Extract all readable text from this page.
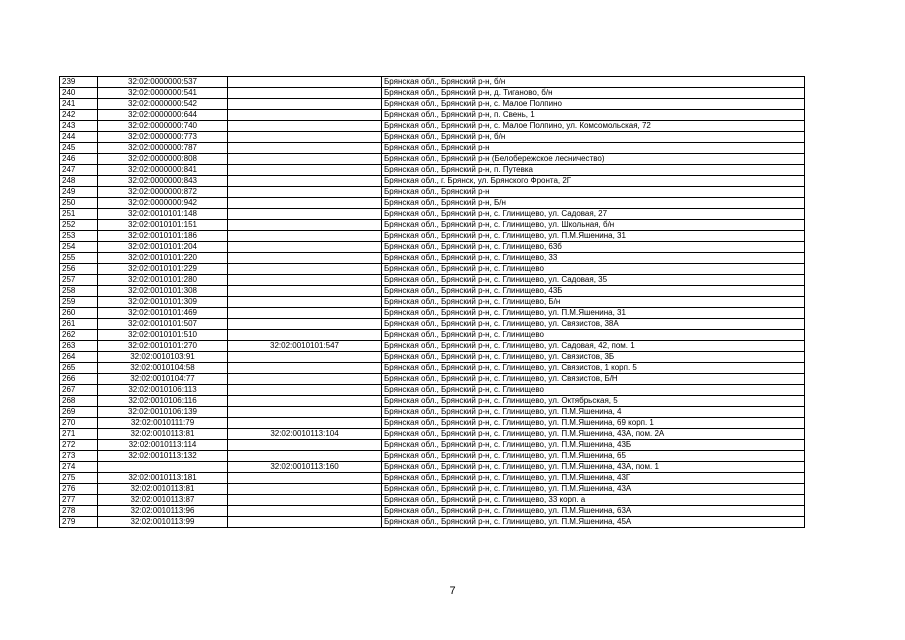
239	32:02:0000000:537		Брянская обл., Брянский р-н, б/н
240	32:02:0000000:541		Брянская обл., Брянский р-н, д. Тиганово, б/н
241	32:02:0000000:542		Брянская обл., Брянский р-н, с. Малое Полпино
242	32:02:0000000:644		Брянская обл., Брянский р-н, п. Свень, 1
243	32:02:0000000:740		Брянская обл., Брянский р-н, с. Малое Полпино, ул. Комсомольская, 72
244	32:02:0000000:773		Брянская обл., Брянский р-н, б/н
245	32:02:0000000:787		Брянская обл., Брянский р-н
246	32:02:0000000:808		Брянская обл., Брянский р-н (Белобережское лесничество)
247	32:02:0000000:841		Брянская обл., Брянский р-н, п. Путевка
248	32:02:0000000:843		Брянская обл., г. Брянск, ул. Брянского Фронта, 2Г
249	32:02:0000000:872		Брянская обл., Брянский р-н
250	32:02:0000000:942		Брянская обл., Брянский р-н, Б/н
251	32:02:0010101:148		Брянская обл., Брянский р-н, с. Глинищево, ул. Садовая, 27
252	32:02:0010101:151		Брянская обл., Брянский р-н, с. Глинищево, ул. Школьная, б/н
253	32:02:0010101:186		Брянская обл., Брянский р-н, с. Глинищево, ул. П.М.Яшенина, 31
254	32:02:0010101:204		Брянская обл., Брянский р-н, с. Глинищево, 63б
255	32:02:0010101:220		Брянская обл., Брянский р-н, с. Глинищево, 33
256	32:02:0010101:229		Брянская обл., Брянский р-н, с. Глинищево
257	32:02:0010101:280		Брянская обл., Брянский р-н, с. Глинищево, ул. Садовая, 35
258	32:02:0010101:308		Брянская обл., Брянский р-н, с. Глинищево, 43Б
259	32:02:0010101:309		Брянская обл., Брянский р-н, с. Глинищево, Б/н
260	32:02:0010101:469		Брянская обл., Брянский р-н, с. Глинищево, ул. П.М.Яшенина, 31
261	32:02:0010101:507		Брянская обл., Брянский р-н, с. Глинищево, ул. Связистов, 38А
262	32:02:0010101:510		Брянская обл., Брянский р-н, с. Глинищево
263	32:02:0010101:270	32:02:0010101:547	Брянская обл., Брянский р-н, с. Глинищево, ул. Садовая, 42, пом. 1
264	32:02:0010103:91		Брянская обл., Брянский р-н, с. Глинищево, ул. Связистов, 3Б
265	32:02:0010104:58		Брянская обл., Брянский р-н, с. Глинищево, ул. Связистов, 1 корп. 5
266	32:02:0010104:77		Брянская обл., Брянский р-н, с. Глинищево, ул. Связистов, Б/Н
267	32:02:0010106:113		Брянская обл., Брянский р-н, с. Глинищево
268	32:02:0010106:116		Брянская обл., Брянский р-н, с. Глинищево, ул. Октябрьская, 5
269	32:02:0010106:139		Брянская обл., Брянский р-н, с. Глинищево, ул. П.М.Яшенина, 4
270	32:02:0010111:79		Брянская обл., Брянский р-н, с. Глинищево, ул. П.М.Яшенина, 69 корп. 1
271	32:02:0010113:81	32:02:0010113:104	Брянская обл., Брянский р-н, с. Глинищево, ул. П.М.Яшенина, 43А, пом. 2А
272	32:02:0010113:114		Брянская обл., Брянский р-н, с. Глинищево, ул. П.М.Яшенина, 43Б
273	32:02:0010113:132		Брянская обл., Брянский р-н, с. Глинищево, ул. П.М.Яшенина, 65
274		32:02:0010113:160	Брянская обл., Брянский р-н, с. Глинищево, ул. П.М.Яшенина, 43А, пом. 1
275	32:02:0010113:181		Брянская обл., Брянский р-н, с. Глинищево, ул. П.М.Яшенина, 43Г
276	32:02:0010113:81		Брянская обл., Брянский р-н, с. Глинищево, ул. П.М.Яшенина, 43А
277	32:02:0010113:87		Брянская обл., Брянский р-н, с. Глинищево, 33 корп. а
278	32:02:0010113:96		Брянская обл., Брянский р-н, с. Глинищево, ул. П.М.Яшенина, 63А
279	32:02:0010113:99		Брянская обл., Брянский р-н, с. Глинищево, ул. П.М.Яшенина, 45А
7
